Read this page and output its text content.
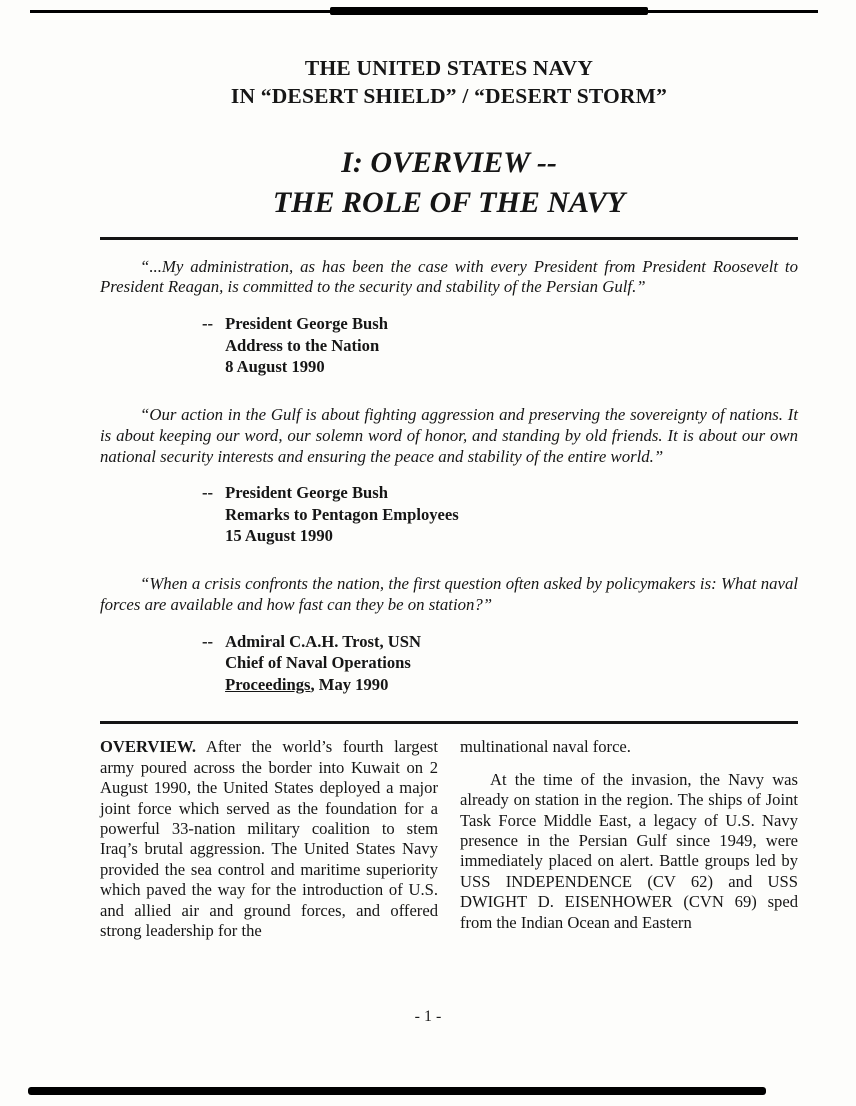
THE UNITED STATES NAVY
IN “DESERT SHIELD” / “DESERT STORM”
I: OVERVIEW --
THE ROLE OF THE NAVY
“...My administration, as has been the case with every President from President Roosevelt to President Reagan, is committed to the security and stability of the Persian Gulf.”
-- President George Bush
Address to the Nation
8 August 1990
“Our action in the Gulf is about fighting aggression and preserving the sovereignty of nations. It is about keeping our word, our solemn word of honor, and standing by old friends. It is about our own national security interests and ensuring the peace and stability of the entire world.”
-- President George Bush
Remarks to Pentagon Employees
15 August 1990
“When a crisis confronts the nation, the first question often asked by policymakers is: What naval forces are available and how fast can they be on station?”
-- Admiral C.A.H. Trost, USN
Chief of Naval Operations
Proceedings, May 1990

OVERVIEW. After the world’s fourth largest army poured across the border into Kuwait on 2 August 1990, the United States deployed a major joint force which served as the foundation for a powerful 33-nation military coalition to stem Iraq’s brutal aggression. The United States Navy provided the sea control and maritime superiority which paved the way for the introduction of U.S. and allied air and ground forces, and offered strong leadership for the

multinational naval force.

At the time of the invasion, the Navy was already on station in the region. The ships of Joint Task Force Middle East, a legacy of U.S. Navy presence in the Persian Gulf since 1949, were immediately placed on alert. Battle groups led by USS INDEPENDENCE (CV 62) and USS DWIGHT D. EISENHOWER (CVN 69) sped from the Indian Ocean and Eastern

- 1 -
